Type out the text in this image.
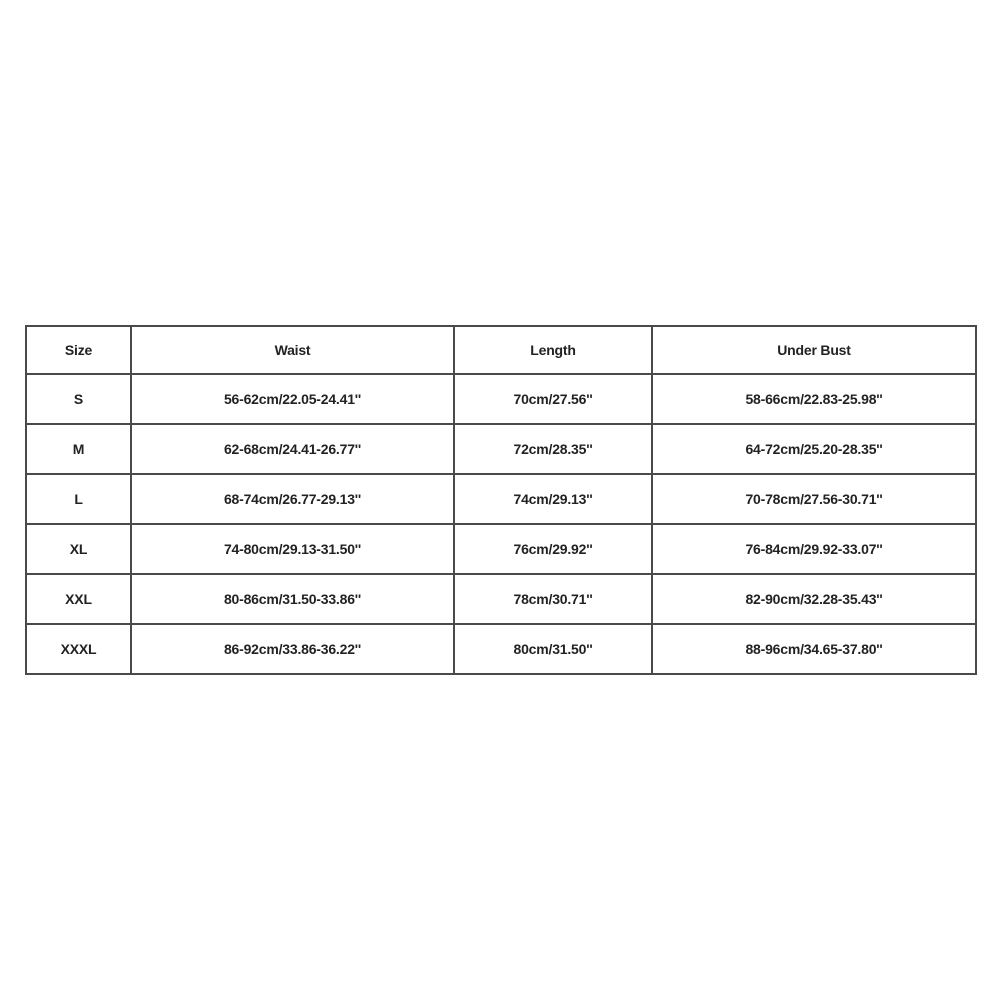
Size	Waist	Length	Under Bust
S	56-62cm/22.05-24.41''	70cm/27.56''	58-66cm/22.83-25.98''
M	62-68cm/24.41-26.77''	72cm/28.35''	64-72cm/25.20-28.35''
L	68-74cm/26.77-29.13''	74cm/29.13''	70-78cm/27.56-30.71''
XL	74-80cm/29.13-31.50''	76cm/29.92''	76-84cm/29.92-33.07''
XXL	80-86cm/31.50-33.86''	78cm/30.71''	82-90cm/32.28-35.43''
XXXL	86-92cm/33.86-36.22''	80cm/31.50''	88-96cm/34.65-37.80''
